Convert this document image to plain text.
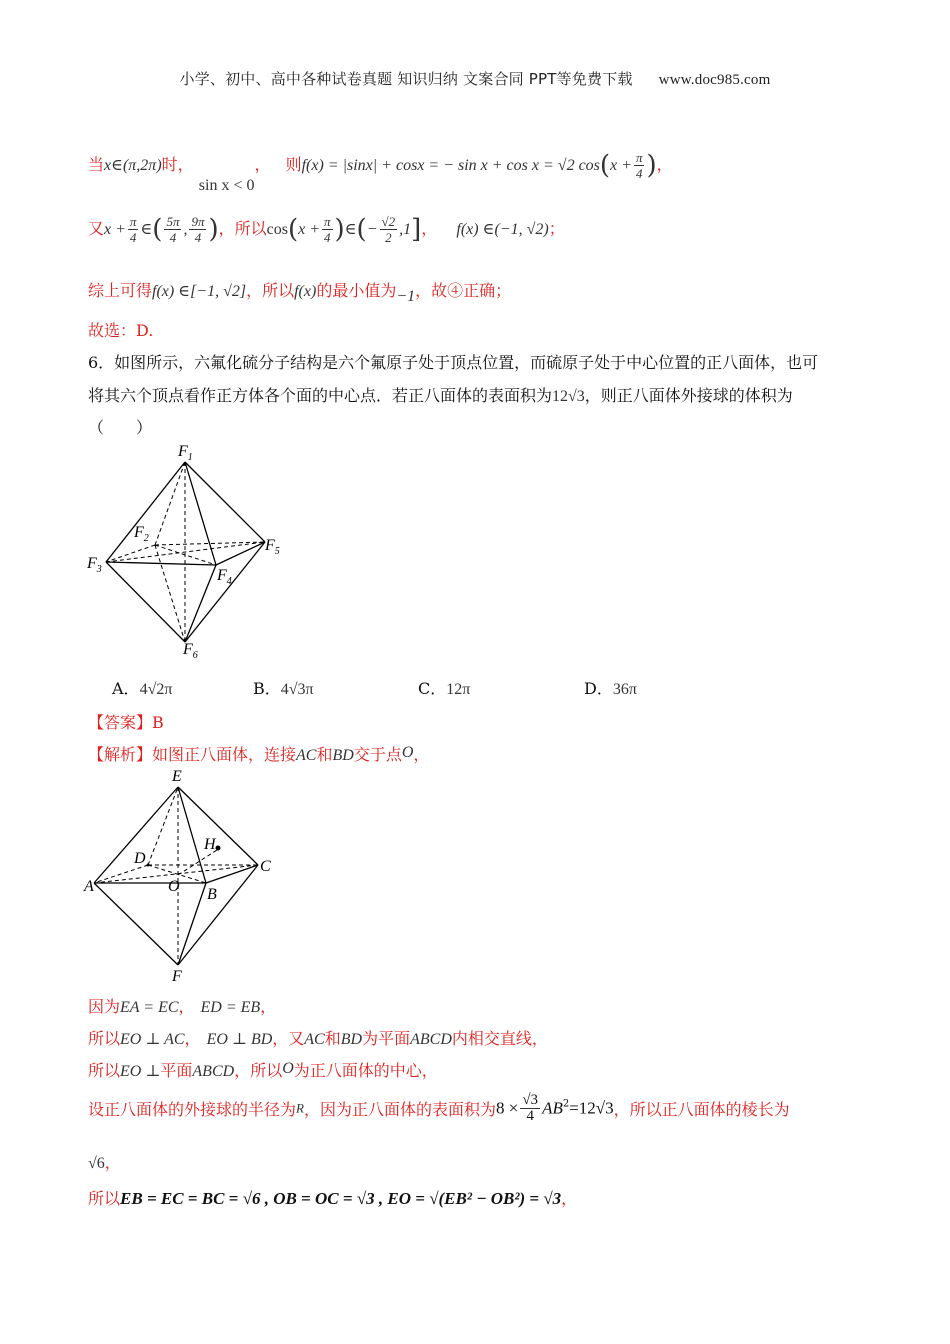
小学、初中、高中各种试卷真题 知识归纳 文案合同 PPT等免费下载 www.doc985.com
当x∈(π,2π)时， sin x < 0， 则f(x) = |sinx| + cosx = − sin x + cos x = √2 $\cos(x + \frac{\pi}{4}$ )，
又$x + \frac{\pi}{4}$ ∈( $\frac{5\pi}{4}$ , $\frac{9\pi}{4}$ )，所以$\cos(x + \frac{\pi}{4}$ )∈(− $\frac{√2}{2} ,1$]， f(x) ∈(−1, √2)；
综上可得f(x) ∈[−1, √2]，所以f(x)的最小值为−1，故④正确；
故选：D.
6．如图所示，六氟化硫分子结构是六个氟原子处于顶点位置，而硫原子处于中心位置的正八面体，也可
将其六个顶点看作正方体各个面的中心点．若正八面体的表面积为12√3，则正八面体外接球的体积为
（　　）
$F_1$
$F_2$
$F_3$	$F_4$
$F_5$
$F_6$
A．4√2π	B．4√3π	C．12π	D．36π
【答案】B
【解析】如图正八面体，连接AC和BD交于点O，
E
D
H
C
A	O B
F
因为EA = EC， ED = EB，
所以EO ⊥ AC， EO ⊥ BD，又AC和BD为平面ABCD内相交直线，
所以EO ⊥平面ABCD，所以O为正八面体的中心，
设正八面体的外接球的半径为R，因为正八面体的表面积为$8 \times \frac{√3}{4} AB^2=12√3$，所以正八面体的棱长为
√6，
所以EB = EC = BC = √6 , OB = OC = √3 , EO = √(EB² − OB²) = √3，
